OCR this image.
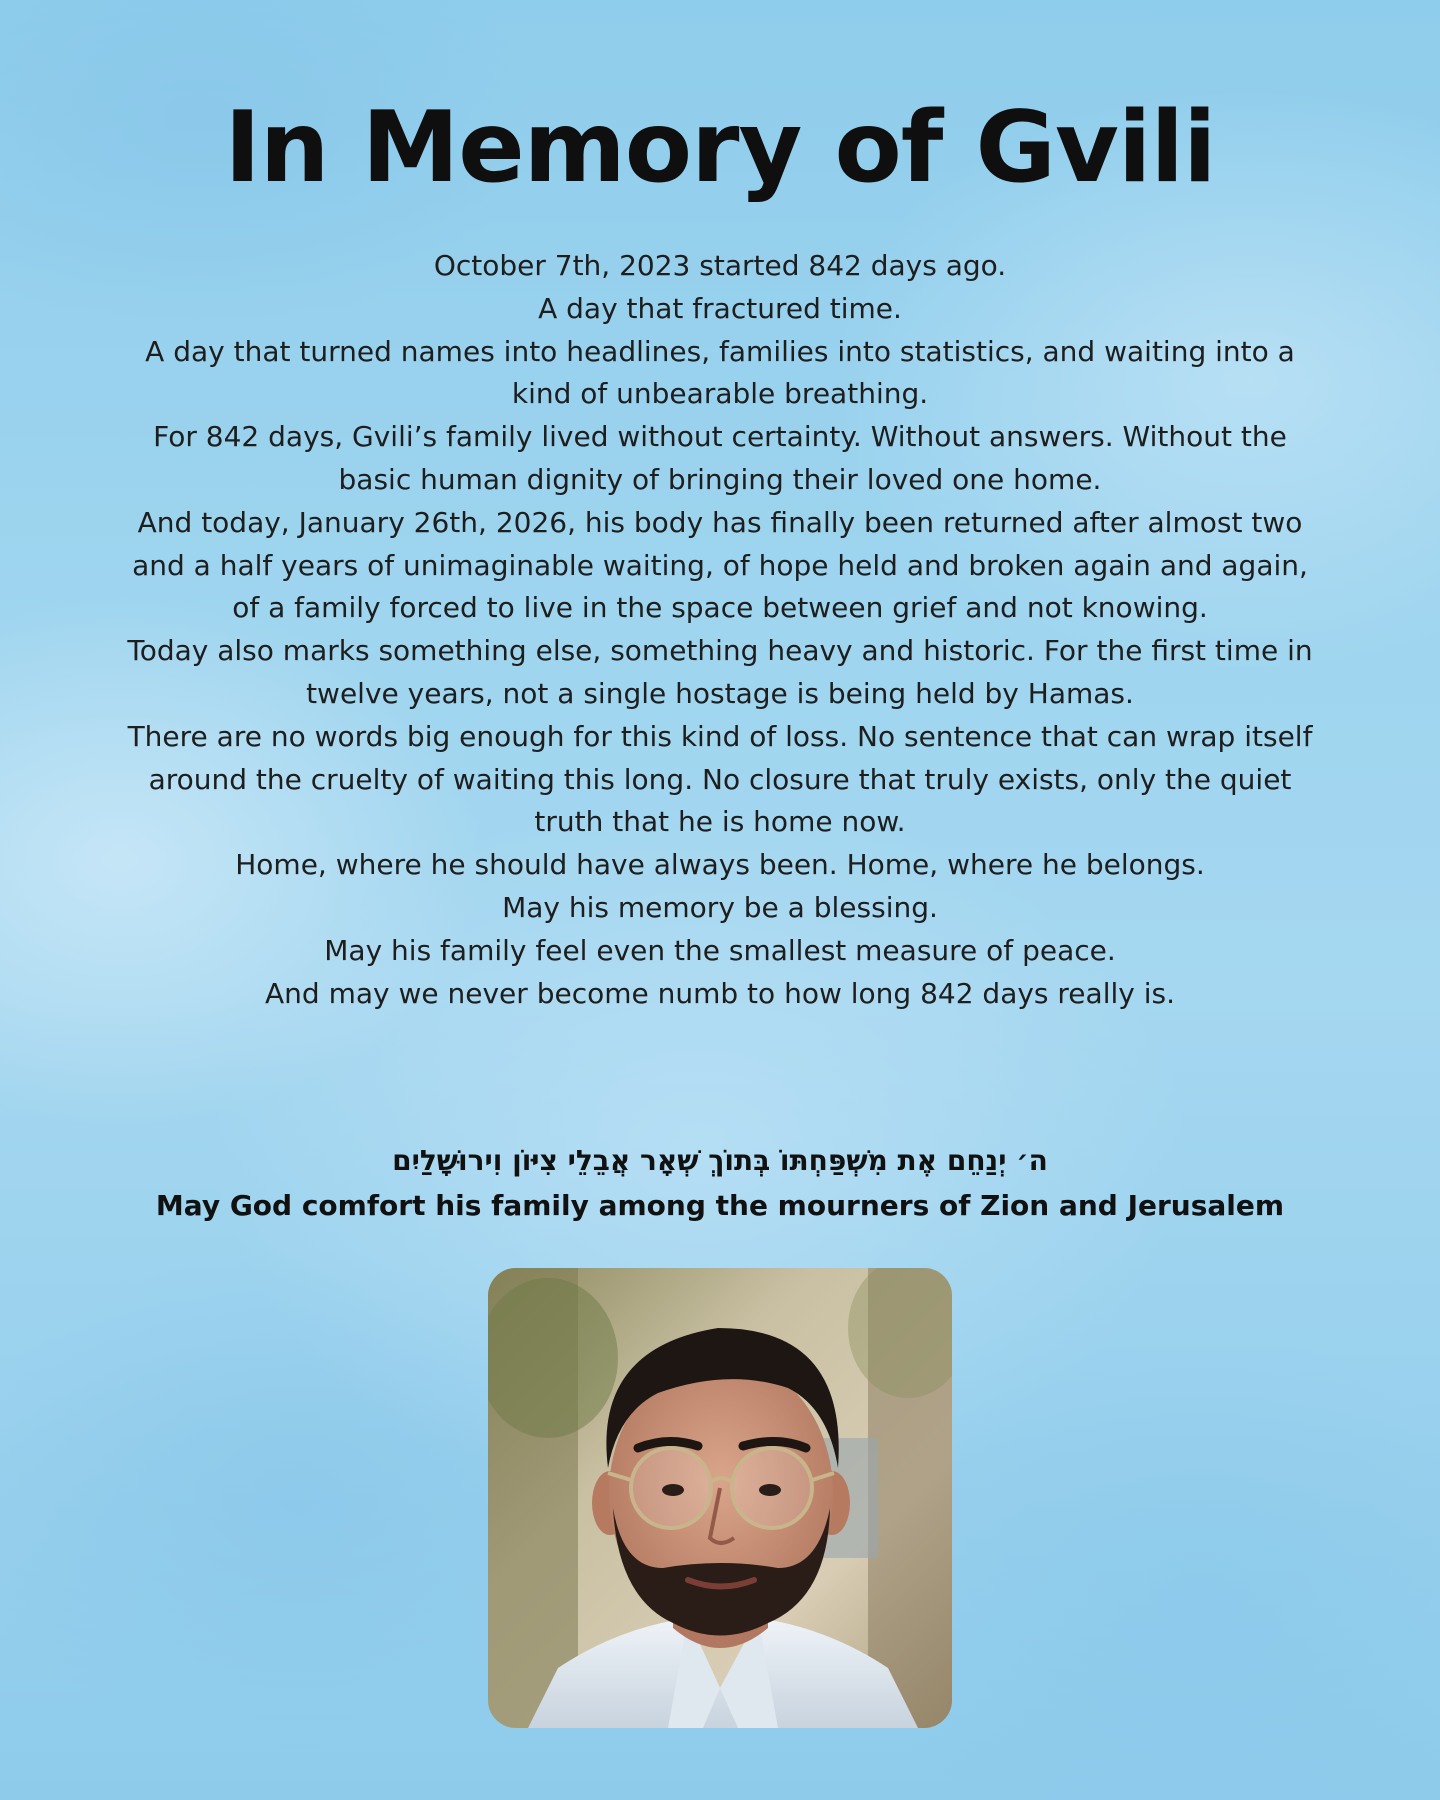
In Memory of Gvili

October 7th, 2023 started 842 days ago.

A day that fractured time.

A day that turned names into headlines, families into statistics, and waiting into a kind of unbearable breathing.

For 842 days, Gvili’s family lived without certainty. Without answers. Without the basic human dignity of bringing their loved one home.

And today, January 26th, 2026, his body has finally been returned after almost two and a half years of unimaginable waiting, of hope held and broken again and again, of a family forced to live in the space between grief and not knowing.

Today also marks something else, something heavy and historic. For the first time in twelve years, not a single hostage is being held by Hamas.

There are no words big enough for this kind of loss. No sentence that can wrap itself around the cruelty of waiting this long. No closure that truly exists, only the quiet truth that he is home now.

Home, where he should have always been. Home, where he belongs.

May his memory be a blessing.

May his family feel even the smallest measure of peace.

And may we never become numb to how long 842 days really is.

ה׳ יְנַחֵם אֶת מִשְׁפַּחְתּוֹ בְּתוֹךְ שְׁאָר אֲבֵלֵי צִיּוֹן וִירוּשָׁלַיִם
May God comfort his family among the mourners of Zion and Jerusalem
